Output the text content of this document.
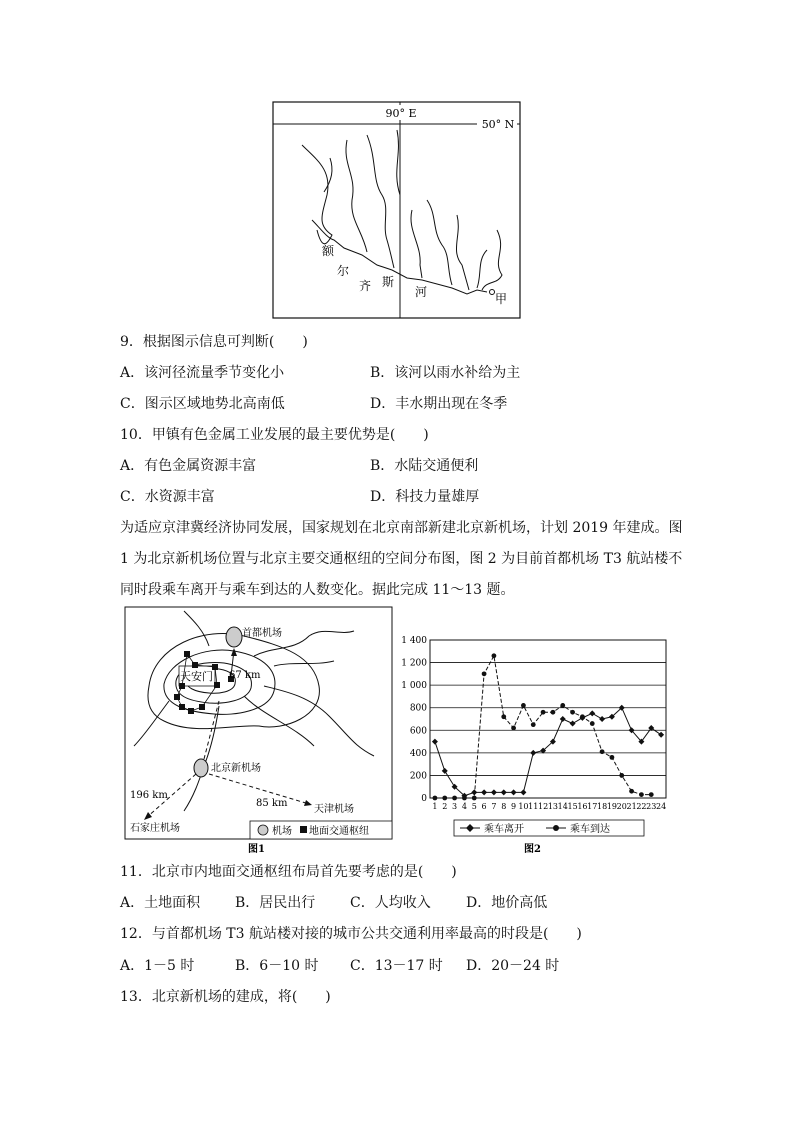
90° E
50° N
额
尔
齐 斯
河	甲
9．根据图示信息可判断(　　)
A．该河径流量季节变化小	B．该河以雨水补给为主
C．图示区域地势北高南低	D．丰水期出现在冬季
10．甲镇有色金属工业发展的最主要优势是(　　)
A．有色金属资源丰富	B．水陆交通便利
C．水资源丰富	D．科技力量雄厚
为适应京津冀经济协同发展，国家规划在北京南部新建北京新机场，计划 2019 年建成。图
1 为北京新机场位置与北京主要交通枢纽的空间分布图，图 2 为目前首都机场 T3 航站楼不
同时段乘车离开与乘车到达的人数变化。据此完成 11～13 题。
首都机场
天安门 67 km
北京新机场
196 km
石家庄机场
85 km
天津机场
机场 地面交通枢纽
图1
0
200
400
600
800
1 000
1 200
1 400
1 2 3 4 5 6 7 8 9 10 11 12 13 14 15 16 17 18 19 20 21 22 23 24
乘车离开	乘车到达
图2
11．北京市内地面交通枢纽布局首先要考虑的是(　　)
A．土地面积 B．居民出行 C．人均收入	D．地价高低
12．与首都机场 T3 航站楼对接的城市公共交通利用率最高的时段是(　　)
A．1－5 时	B．6－10 时 C．13－17 时 D．20－24 时
13．北京新机场的建成，将(　　)
